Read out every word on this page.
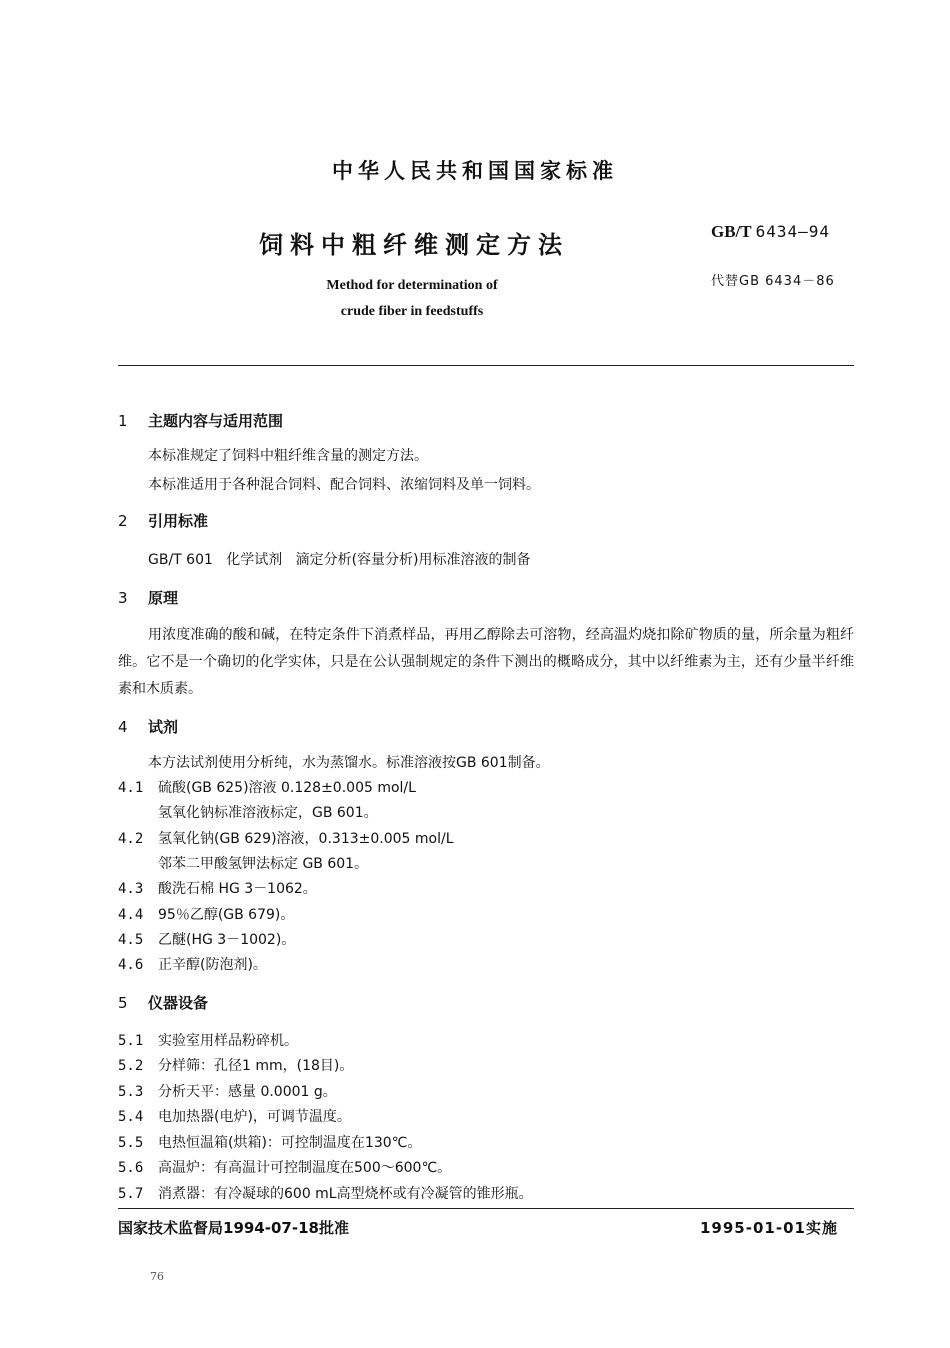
中华人民共和国国家标准
饲料中粗纤维测定方法
Method for determination of
crude fiber in feedstuffs
GB/T 6434—94
代替GB 6434－86
1 主题内容与适用范围
本标准规定了饲料中粗纤维含量的测定方法。
本标准适用于各种混合饲料、配合饲料、浓缩饲料及单一饲料。
2 引用标准
GB/T 601   化学试剂   滴定分析(容量分析)用标准溶液的制备
3 原理
用浓度准确的酸和碱，在特定条件下消煮样品，再用乙醇除去可溶物，经高温灼烧扣除矿物质的量，所余量为粗纤维。它不是一个确切的化学实体，只是在公认强制规定的条件下测出的概略成分，其中以纤维素为主，还有少量半纤维素和木质素。
4 试剂
本方法试剂使用分析纯，水为蒸馏水。标准溶液按GB 601制备。
4.1 硫酸(GB 625)溶液 0.128±0.005 mol/L
氢氧化钠标准溶液标定，GB 601。
4.2 氢氧化钠(GB 629)溶液，0.313±0.005 mol/L
邻苯二甲酸氢钾法标定 GB 601。
4.3 酸洗石棉 HG 3－1062。
4.4 95％乙醇(GB 679)。
4.5 乙醚(HG 3－1002)。
4.6 正辛醇(防泡剂)。
5 仪器设备
5.1 实验室用样品粉碎机。
5.2 分样筛：孔径1 mm，(18目)。
5.3 分析天平：感量 0.0001 g。
5.4 电加热器(电炉)，可调节温度。
5.5 电热恒温箱(烘箱)：可控制温度在130℃。
5.6 高温炉：有高温计可控制温度在500～600℃。
5.7 消煮器：有冷凝球的600 mL高型烧杯或有冷凝管的锥形瓶。
国家技术监督局1994-07-18批准	1995-01-01实施
76
